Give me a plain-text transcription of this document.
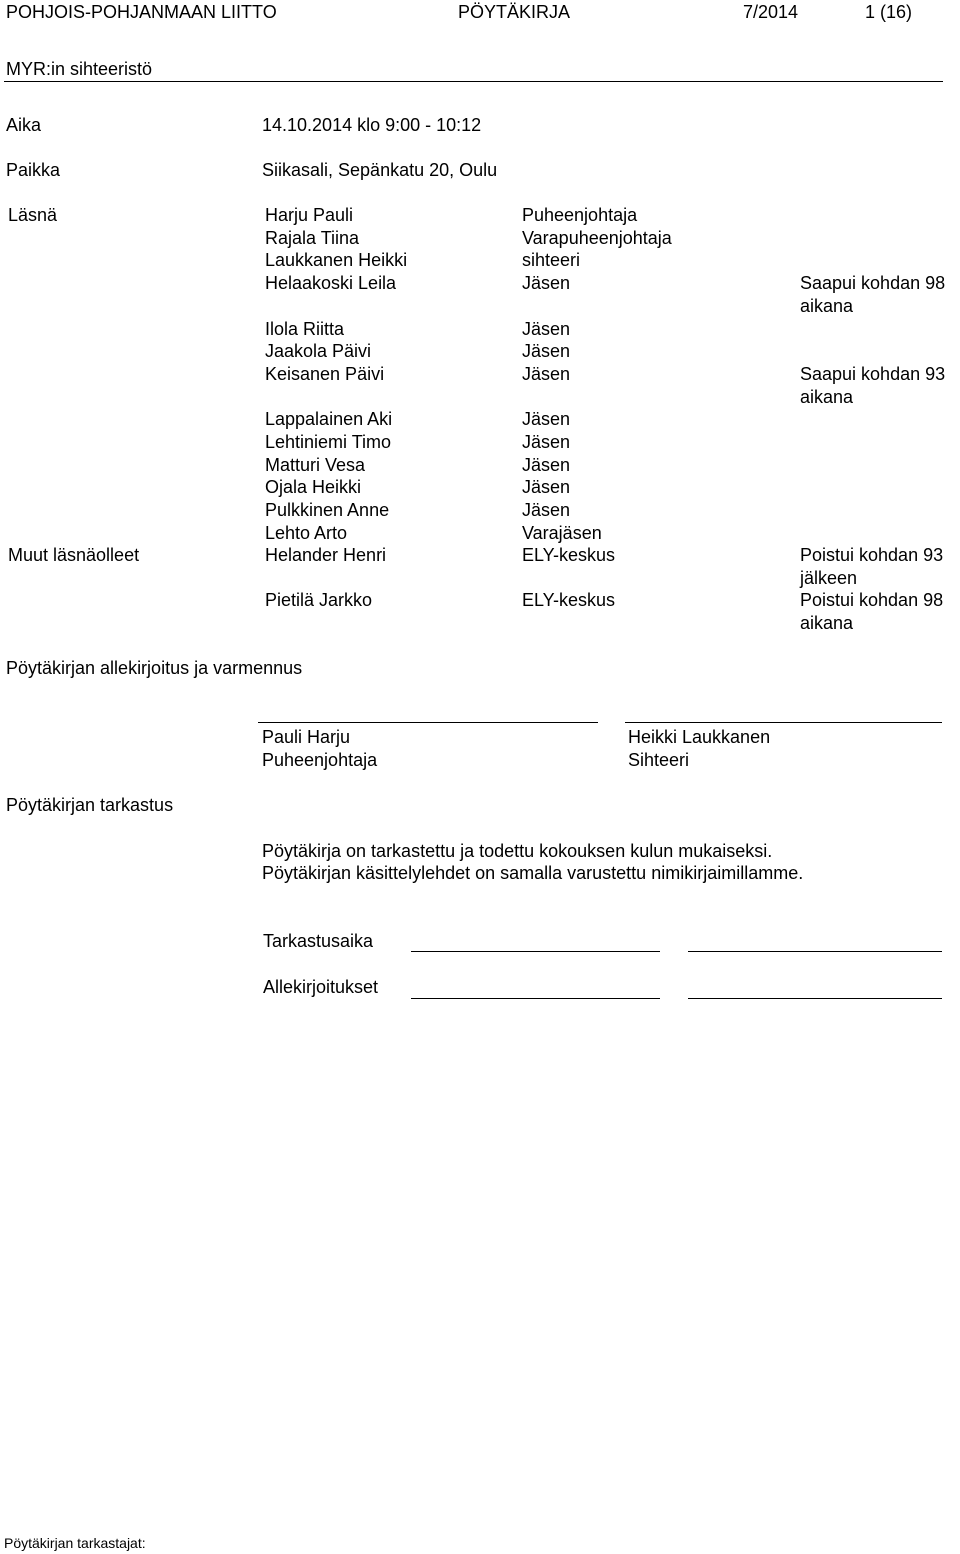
POHJOIS-POHJANMAAN LIITTO	PÖYTÄKIRJA	7/2014	1 (16)
MYR:in sihteeristö
Aika	14.10.2014 klo 9:00 - 10:12
Paikka	Siikasali, Sepänkatu 20, Oulu
Läsnä	Harju Pauli	Puheenjohtaja
Rajala Tiina	Varapuheenjohtaja
Laukkanen Heikki	sihteeri
Helaakoski Leila	Jäsen	Saapui kohdan 98
aikana
Ilola Riitta	Jäsen
Jaakola Päivi	Jäsen
Keisanen Päivi	Jäsen	Saapui kohdan 93
aikana
Lappalainen Aki	Jäsen
Lehtiniemi Timo	Jäsen
Matturi Vesa	Jäsen
Ojala Heikki	Jäsen
Pulkkinen Anne	Jäsen
Lehto Arto	Varajäsen
Muut läsnäolleet	Helander Henri	ELY-keskus	Poistui kohdan 93
jälkeen
Pietilä Jarkko	ELY-keskus	Poistui kohdan 98
aikana
Pöytäkirjan allekirjoitus ja varmennus
Pauli Harju
Puheenjohtaja
Heikki Laukkanen
Sihteeri
Pöytäkirjan tarkastus
Pöytäkirja on tarkastettu ja todettu kokouksen kulun mukaiseksi.
Pöytäkirjan käsittelylehdet on samalla varustettu nimikirjaimillamme.
Tarkastusaika
Allekirjoitukset
Pöytäkirjan tarkastajat:
